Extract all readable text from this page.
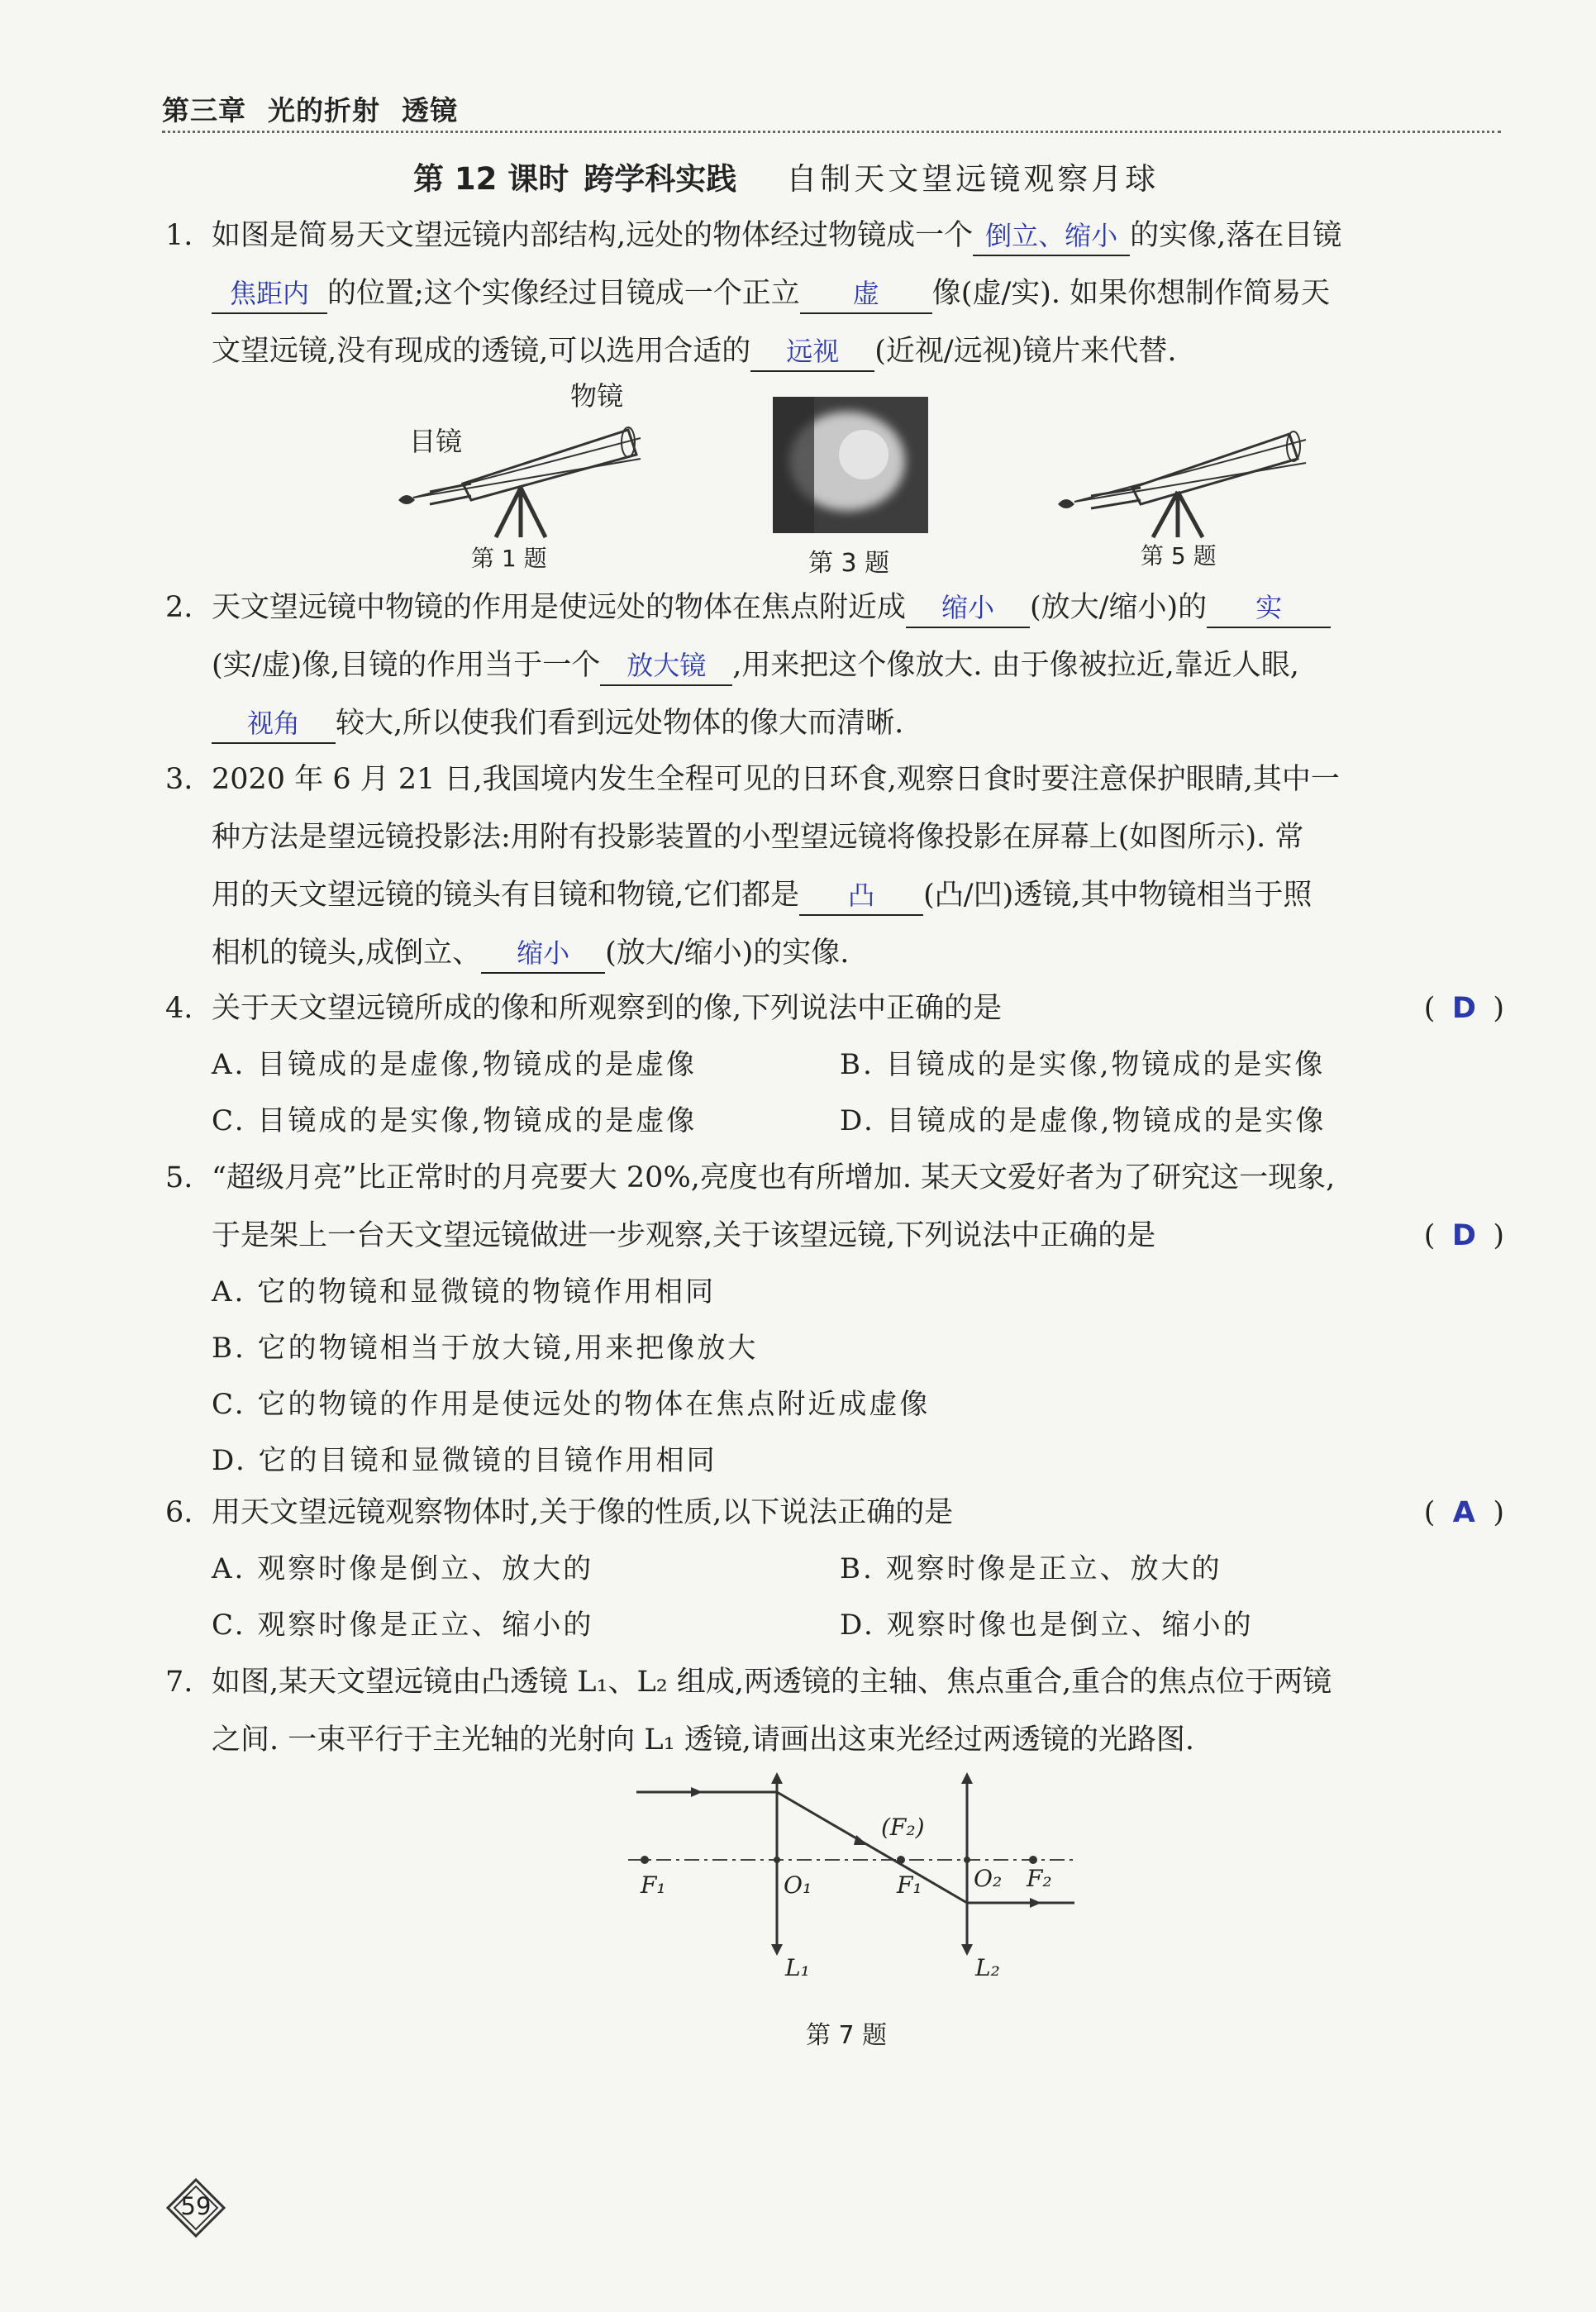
第三章 光的折射 透镜
第 12 课时 跨学科实践 自制天文望远镜观察月球
1. 如图是简易天文望远镜内部结构,远处的物体经过物镜成一个 倒立、缩小 的实像,落在目镜
焦距内 的位置;这个实像经过目镜成一个正立 虚 像(虚/实). 如果你想制作简易天
文望远镜,没有现成的透镜,可以选用合适的 远视 (近视/远视)镜片来代替.
物镜
目镜
第 1 题	第 3 题	第 5 题
2. 天文望远镜中物镜的作用是使远处的物体在焦点附近成 缩小 (放大/缩小)的 实
(实/虚)像,目镜的作用当于一个 放大镜 ,用来把这个像放大. 由于像被拉近,靠近人眼,
视角 较大,所以使我们看到远处物体的像大而清晰.
3. 2020 年 6 月 21 日,我国境内发生全程可见的日环食,观察日食时要注意保护眼睛,其中一
种方法是望远镜投影法:用附有投影装置的小型望远镜将像投影在屏幕上(如图所示). 常
用的天文望远镜的镜头有目镜和物镜,它们都是 凸 (凸/凹)透镜,其中物镜相当于照
相机的镜头,成倒立、 缩小 (放大/缩小)的实像.
4. 关于天文望远镜所成的像和所观察到的像,下列说法中正确的是	( D )
A. 目镜成的是虚像,物镜成的是虚像	B. 目镜成的是实像,物镜成的是实像
C. 目镜成的是实像,物镜成的是虚像	D. 目镜成的是虚像,物镜成的是实像
5. “超级月亮”比正常时的月亮要大 20%,亮度也有所增加. 某天文爱好者为了研究这一现象,
于是架上一台天文望远镜做进一步观察,关于该望远镜,下列说法中正确的是	( D )
A. 它的物镜和显微镜的物镜作用相同
B. 它的物镜相当于放大镜,用来把像放大
C. 它的物镜的作用是使远处的物体在焦点附近成虚像
D. 它的目镜和显微镜的目镜作用相同
6. 用天文望远镜观察物体时,关于像的性质,以下说法正确的是	( A )
A. 观察时像是倒立、放大的	B. 观察时像是正立、放大的
C. 观察时像是正立、缩小的	D. 观察时像也是倒立、缩小的
7. 如图,某天文望远镜由凸透镜 L₁、L₂ 组成,两透镜的主轴、焦点重合,重合的焦点位于两镜
之间. 一束平行于主光轴的光射向 L₁ 透镜,请画出这束光经过两透镜的光路图.
F₁	O₁	F₁
(F₂)
O₂ F₂
L₁	L₂
第 7 题
59
